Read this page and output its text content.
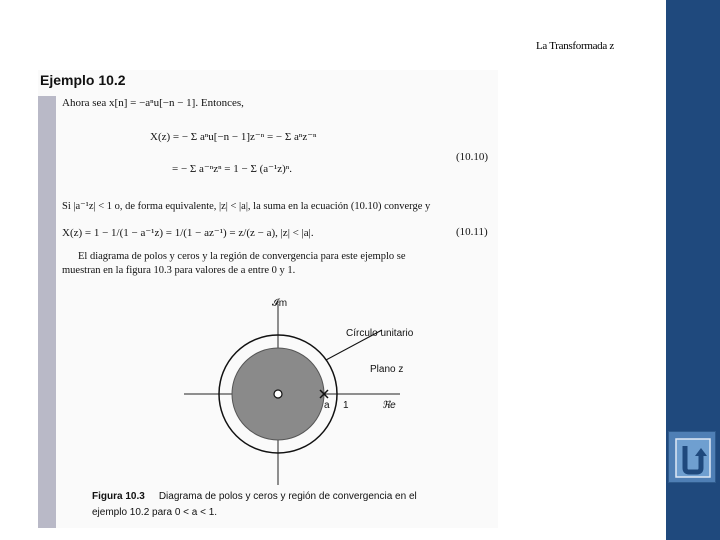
La Transformada z
Ejemplo 10.2
Ahora sea x[n] = −aⁿu[−n − 1]. Entonces,
X(z) = − Σ aⁿu[−n − 1]z⁻ⁿ = − Σ aⁿz⁻ⁿ
= − Σ a⁻ⁿzⁿ = 1 − Σ (a⁻¹z)ⁿ.
(10.10)
Si |a⁻¹z| < 1 o, de forma equivalente, |z| < |a|, la suma en la ecuación (10.10) converge y
X(z) = 1 − 1/(1 − a⁻¹z) = 1/(1 − az⁻¹) = z/(z − a), |z| < |a|.	(10.11)
El diagrama de polos y ceros y la región de convergencia para este ejemplo se
muestran en la figura 10.3 para valores de a entre 0 y 1.
𝓘m
Círculo unitario
Plano z
a 1	ℜe
Figura 10.3 Diagrama de polos y ceros y región de convergencia en el
ejemplo 10.2 para 0 < a < 1.
